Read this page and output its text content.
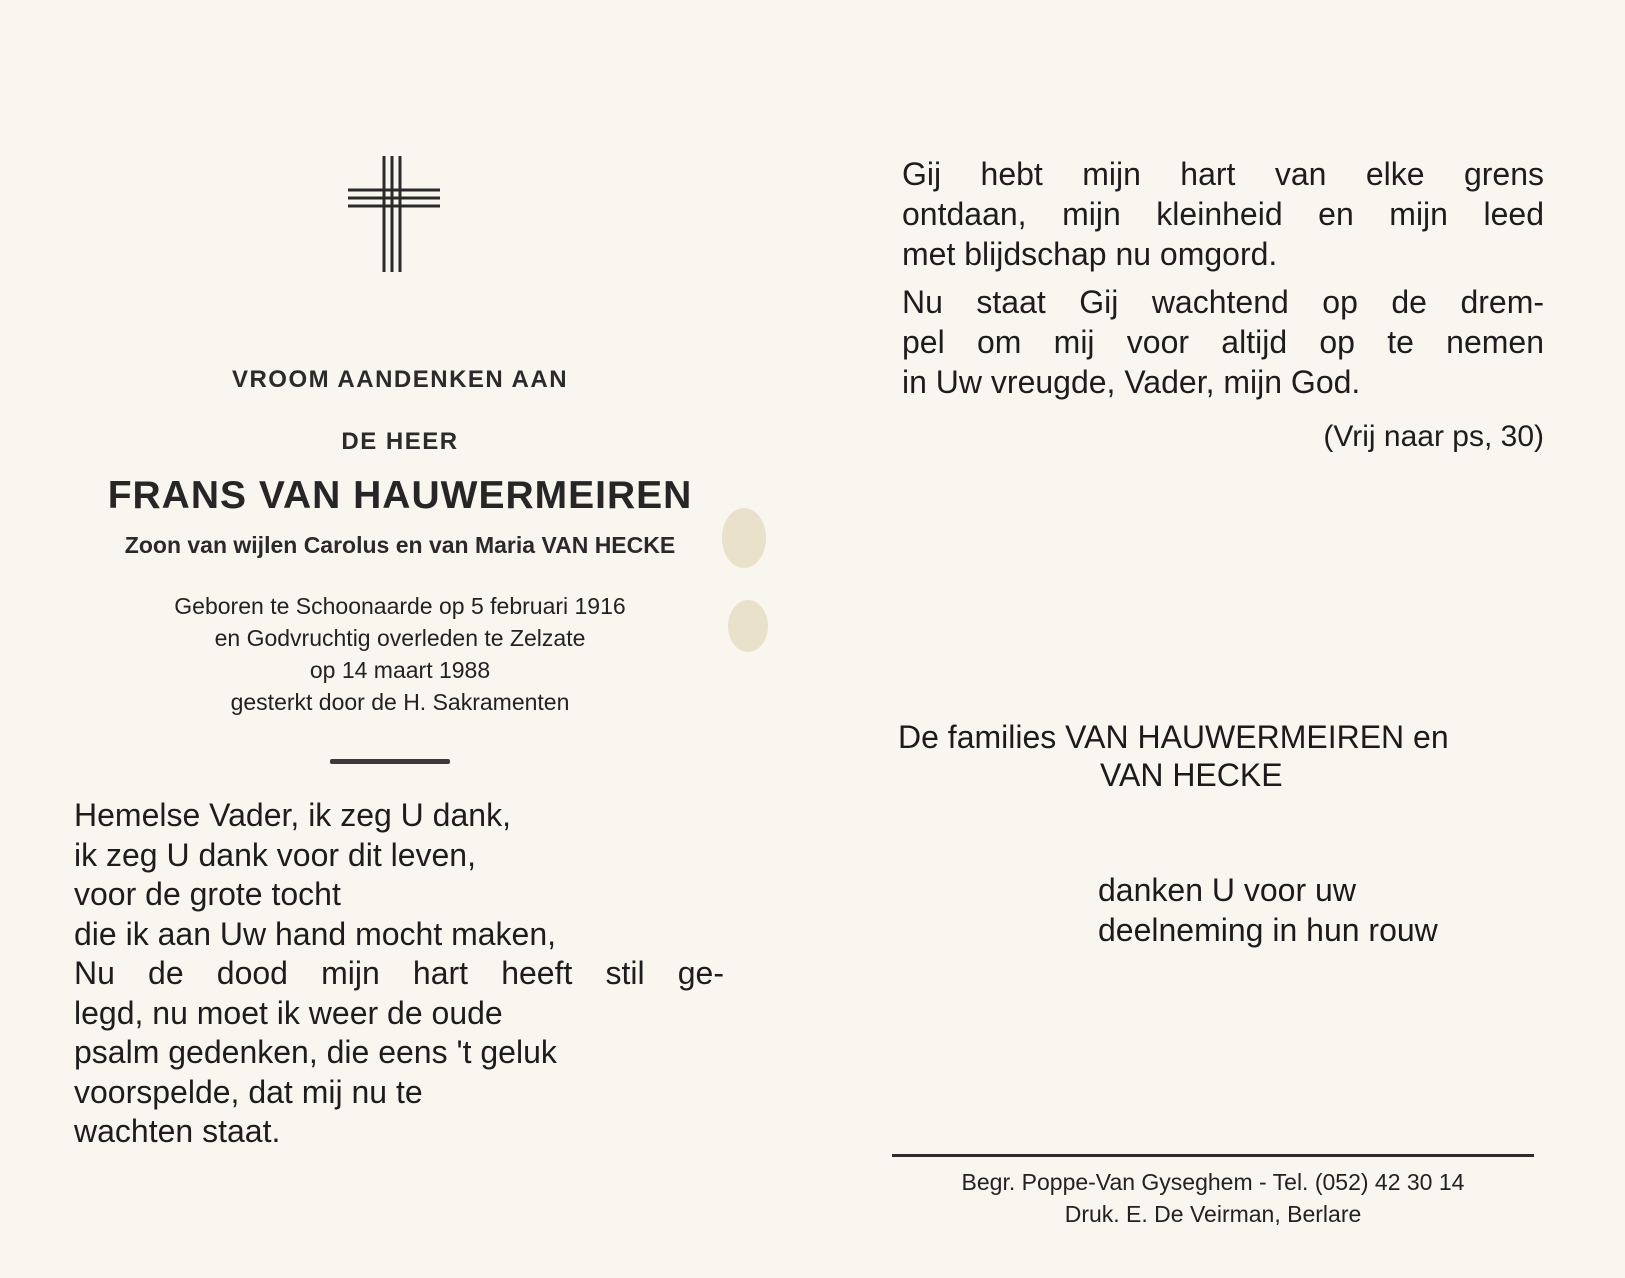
VROOM AANDENKEN AAN
DE HEER
FRANS VAN HAUWERMEIREN
Zoon van wijlen Carolus en van Maria VAN HECKE
Geboren te Schoonaarde op 5 februari 1916
en Godvruchtig overleden te Zelzate
op 14 maart 1988
gesterkt door de H. Sakramenten
Hemelse Vader, ik zeg U dank,
ik zeg U dank voor dit leven,
voor de grote tocht
die ik aan Uw hand mocht maken,
Nu de dood mijn hart heeft stil ge-
legd, nu moet ik weer de oude
psalm gedenken, die eens 't geluk
voorspelde, dat mij nu te
wachten staat.
Gij hebt mijn hart van elke grens
ontdaan, mijn kleinheid en mijn leed
met blijdschap nu omgord.
Nu staat Gij wachtend op de drem-
pel om mij voor altijd op te nemen
in Uw vreugde, Vader, mijn God.
(Vrij naar ps, 30)
De families VAN HAUWERMEIREN en
VAN HECKE
danken U voor uw
deelneming in hun rouw
Begr. Poppe-Van Gyseghem - Tel. (052) 42 30 14
Druk. E. De Veirman, Berlare
